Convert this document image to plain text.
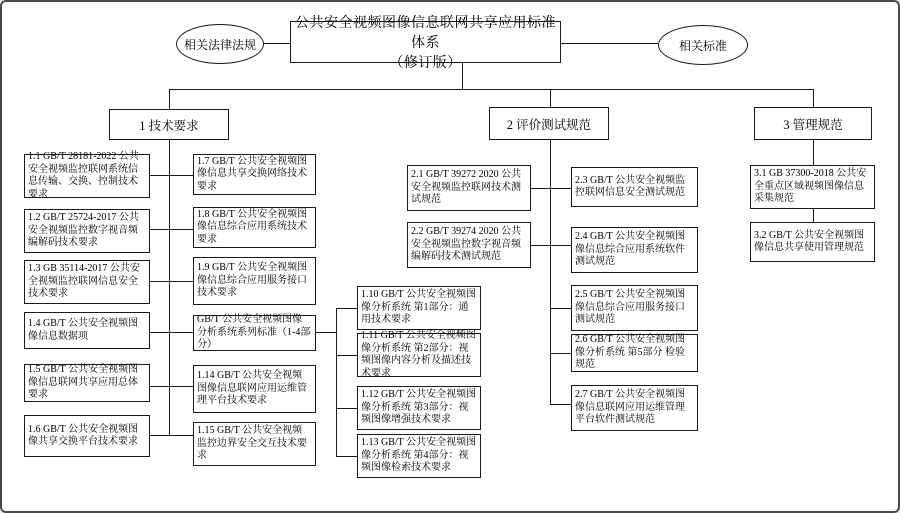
相关法律法规
公共安全视频图像信息联网共享应用标准体系
（修订版）
相关标准
1 技术要求	2 评价测试规范	3 管理规范
1.1 GB/T 28181-2022 公共安全视频监控联网系统信息传输、交换、控制技术要求
1.2 GB/T 25724-2017 公共安全视频监控数字视音频编解码技术要求
1.3 GB 35114-2017 公共安全视频监控联网信息安全技术要求
1.4 GB/T 公共安全视频图像信息数据项
1.5 GB/T 公共安全视频图像信息联网共享应用总体要求
1.6 GB/T 公共安全视频图像共享交换平台技术要求
1.7 GB/T 公共安全视频图像信息共享交换网络技术要求
1.8 GB/T 公共安全视频图像信息综合应用系统技术要求
1.9 GB/T 公共安全视频图像信息综合应用服务接口技术要求
GB/T 公共安全视频图像分析系统系列标准（1-4部分）
1.14 GB/T 公共安全视频图像信息联网应用运维管理平台技术要求
1.15 GB/T 公共安全视频监控边界安全交互技术要求
1.10 GB/T 公共安全视频图像分析系统 第1部分：通用技术要求
1.11 GB/T 公共安全视频图像分析系统 第2部分：视频图像内容分析及描述技术要求
1.12 GB/T 公共安全视频图像分析系统 第3部分：视频图像增强技术要求
1.13 GB/T 公共安全视频图像分析系统 第4部分：视频图像检索技术要求
2.1 GB/T 39272 2020 公共安全视频监控联网技术测试规范
2.2 GB/T 39274 2020 公共安全视频监控数字视音频编解码技术测试规范
2.3 GB/T 公共安全视频监控联网信息安全测试规范
2.4 GB/T 公共安全视频图像信息综合应用系统软件测试规范
2.5 GB/T 公共安全视频图像信息综合应用服务接口测试规范
2.6 GB/T 公共安全视频图像分析系统 第5部分 检验规范
2.7 GB/T 公共安全视频图像信息联网应用运维管理平台软件测试规范
3.1 GB 37300-2018 公共安全重点区域视频图像信息采集规范
3.2 GB/T 公共安全视频图像信息共享使用管理规范
